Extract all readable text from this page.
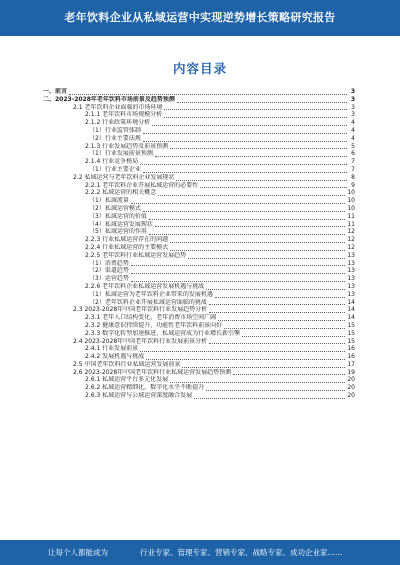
老年饮料企业从私域运营中实现逆势增长策略研究报告
内容目录
一、前言	3
二、2023-2028年老年饮料市场前景及趋势预测	3
2.1 老年饮料企业面临的市场环境	3
2.1.1 老年饮料市场规模分析	3
2.1.2 行业政策环境分析	4
（1）行业监管体制	4
（2）行业主要法规	4
2.1.3 行业发展趋势及前景预测	5
（1）行业发展前景预测	6
2.1.4 行业竞争格局	7
（1）行业主要企业	7
2.2 私域运营与老年饮料企业发展现状	8
2.2.1 老年饮料企业开展私域运营的必要性	9
2.2.2 私域运营的相关概念	10
（1）私域流量	10
（2）私域运营模式	10
（3）私域运营的价值	11
（4）私域运营发展现状	11
（5）私域运营的作用	12
2.2.3 行业私域运营存在的问题	12
2.2.4 行业私域运营的主要模式	12
2.2.5 老年饮料行业私域运营发展趋势	13
（1）消费趋势	13
（2）渠道趋势	13
（3）运营趋势	13
2.2.6 老年饮料企业私域运营发展机遇与挑战	13
（1）私域运营为老年饮料企业带来的发展机遇	13
（2）老年饮料企业开展私域运营面临的挑战	14
2.3 2023-2028年中国老年饮料行业发展趋势分析	14
2.3.1 老年人口结构变化，老年消费市场空间广阔	14
2.3.2 健康意识持续提升，功能性老年饮料前景向好	15
2.3.3 数字化转型加速推进，私域运营成为行业增长新引擎	15
2.4 2023-2028年中国老年饮料行业发展前景分析	15
2.4.1 行业发展前景	16
2.4.2 发展机遇与挑战	16
2.5 中国老年饮料行业私域运营发展前景	17
2.6 2023-2028年中国老年饮料行业私域运营发展趋势预测	19
2.6.1 私域运营平台多元化发展	20
2.6.2 私域运营精细化，数字化水平不断提升	20
2.6.3 私域运营与公域运营深度融合发展	20
让每个人都能成为	行业专家、管理专家、营销专家、战略专家、成功企业家……
